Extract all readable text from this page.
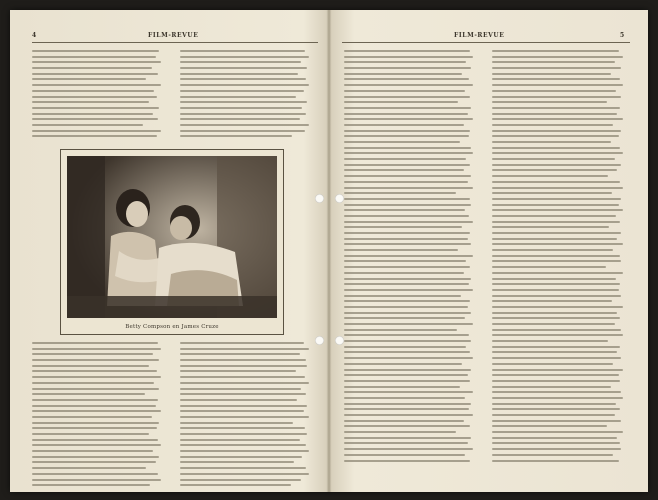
4	FILM-REVUE
Betty Compson en James Cruze
FILM-REVUE	5
